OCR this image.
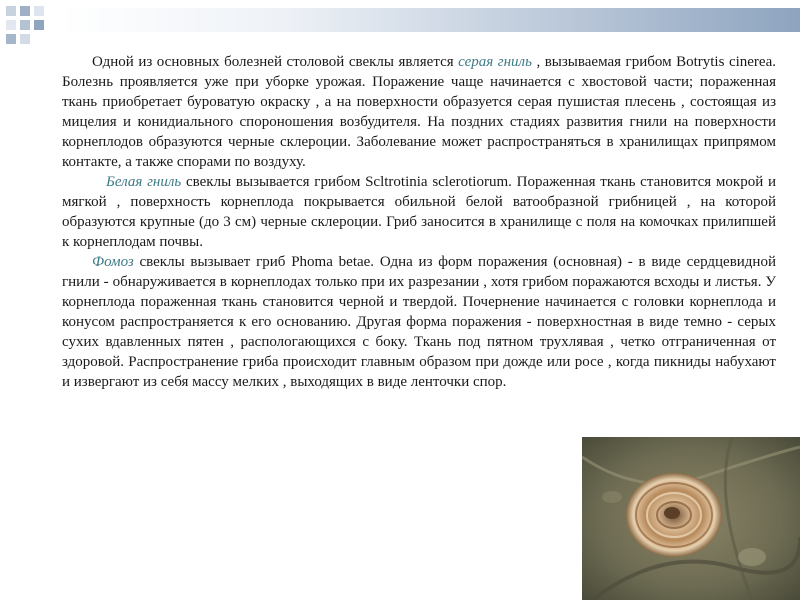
Одной из основных болезней столовой свеклы является серая гниль , вызываемая грибом Botrytis cinerea. Болезнь проявляется уже при уборке урожая. Поражение чаще начинается с хвостовой части; пораженная ткань приобретает буроватую окраску , а на поверхности образуется серая пушистая плесень , состоящая из мицелия и конидиального спороношения возбудителя. На поздних стадиях развития гнили на поверхности корнеплодов образуются черные склероции. Заболевание может распространяться в хранилищах припрямом контакте, а также спорами по воздуху.

Белая гниль свеклы вызывается грибом Scltrotinia sclerotiorum. Пораженная ткань становится мокрой и мягкой , поверхность корнеплода покрывается обильной белой ватообразной грибницей , на которой образуются крупные (до 3 см) черные склероции. Гриб заносится в хранилище с поля на комочках прилипшей к корнеплодам почвы.

Фомоз свеклы вызывает гриб Phoma betae. Одна из форм поражения (основная) - в виде сердцевидной гнили - обнаруживается в корнеплодах только при их разрезании , хотя грибом поражаются всходы и листья. У корнеплода пораженная ткань становится черной и твердой. Почернение начинается с головки корнеплода и конусом распространяется к его основанию. Другая форма поражения - поверхностная в виде темно - серых сухих вдавленных пятен , распологающихся с боку. Ткань под пятном трухлявая , четко отграниченная от здоровой. Распространение гриба происходит главным образом при дожде или росе , когда пикниды набухают и извергают из себя массу мелких , выходящих в виде ленточки спор.
